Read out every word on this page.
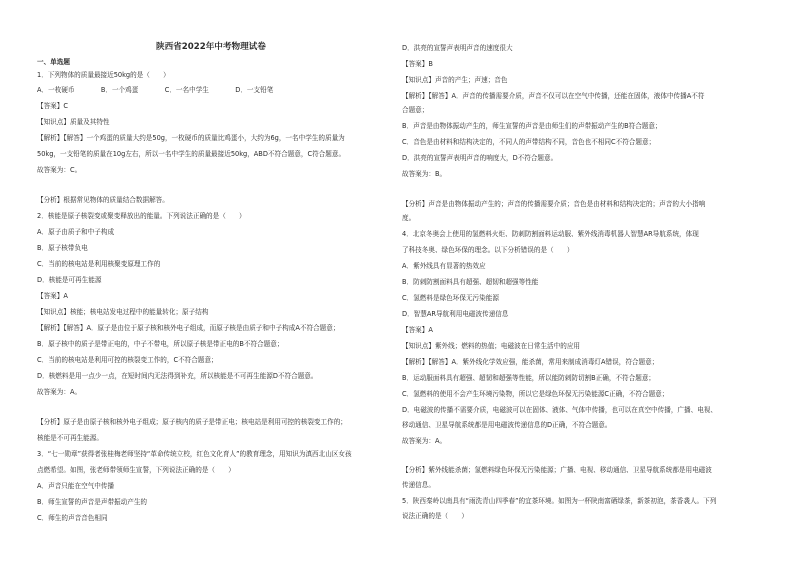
陕西省2022年中考物理试卷
一、单选题
1．下列物体的质量最接近50kg的是（　　）
A．一枚硬币　　　　B．一个鸡蛋　　　　C．一名中学生　　　　D．一支铅笔
【答案】C
【知识点】质量及其特性
【解析】【解答】一个鸡蛋的质量大约是50g，一枚硬币的质量比鸡蛋小，大约为6g，一名中学生的质量为
50kg，一支铅笔的质量在10g左右，所以一名中学生的质量最接近50kg，ABD不符合题意，C符合题意。
故答案为：C。
【分析】根据常见物体的质量结合数据解答。
2．核能是原子核裂变或聚变释放出的能量。下列说法正确的是（　　）
A．原子由质子和中子构成
B．原子核带负电
C．当前的核电站是利用核聚变原理工作的
D．核能是可再生能源
【答案】A
【知识点】核能；核电站发电过程中的能量转化；原子结构
【解析】【解答】A．原子是由位于原子核和核外电子组成，而原子核是由质子和中子构成A不符合题意；
B．原子核中的质子是带正电的，中子不带电，所以原子核是带正电的B不符合题意；
C．当前的核电站是利用可控的核裂变工作的，C不符合题意；
D．核燃料是用一点少一点，在短时间内无法得到补充，所以核能是不可再生能源D不符合题意。
故答案为：A。
【分析】原子是由原子核和核外电子组成；原子核内的质子是带正电；核电站是利用可控的核裂变工作的；
核能是不可再生能源。
3．“七一勋章”获得者张桂梅老师坚持“革命传统立校，红色文化育人”的教育理念，用知识为滇西北山区女孩
点燃希望。如图，张老师带领师生宣誓，下列说法正确的是（　　）
A．声音只能在空气中传播
B．师生宣誓的声音是声带振动产生的
C．师生的声音音色相同
D．洪亮的宣誓声表明声音的速度很大
【答案】B
【知识点】声音的产生；声速；音色
【解析】【解答】A．声音的传播需要介质，声音不仅可以在空气中传播，还能在固体，液体中传播A不符
合题意；
B．声音是由物体振动产生的，师生宣誓的声音是由师生们的声带振动产生的B符合题意；
C．音色是由材料和结构决定的，不同人的声带结构不同，音色也不相同C不符合题意；
D．洪亮的宣誓声表明声音的响度大，D不符合题意。
故答案为：B。
【分析】声音是由物体振动产生的；声音的传播需要介质；音色是由材料和结构决定的；声音的大小指响
度。
4．北京冬奥会上使用的氢燃料火炬、防刺防割面料运动服、紫外线消毒机器人智慧AR导航系统，体现
了科技冬奥、绿色环保的理念。以下分析错误的是（　　）
A．紫外线具有显著的热效应
B．防刺防割面料具有超强、超韧和超强等性能
C．氢燃料是绿色环保无污染能源
D．智慧AR导航利用电磁波传递信息
【答案】A
【知识点】紫外线；燃料的热值；电磁波在日常生活中的应用
【解析】【解答】A．紫外线化学效应强，能杀菌，常用来制成消毒灯A错误，符合题意；
B．运动服面料具有超强、超韧和超强等性能，所以能防刺防切割B正确，不符合题意；
C．氢燃料的使用不会产生环境污染物，所以它是绿色环保无污染能源C正确，不符合题意；
D．电磁波的传播不需要介质，电磁波可以在固体、液体、气体中传播，也可以在真空中传播，广播、电视、
移动通信、卫星导航系统都是用电磁波传递信息的D正确，不符合题意。
故答案为：A。
【分析】紫外线能杀菌；氢燃料绿色环保无污染能源；广播、电视、移动通信、卫星导航系统都是用电磁波
传递信息。
5．陕西秦岭以南具有“雨洗青山四季春”的宜茶环境。如图为一杯陕南富硒绿茶，新茶初泡，茶香袭人。下列
说法正确的是（　　）
